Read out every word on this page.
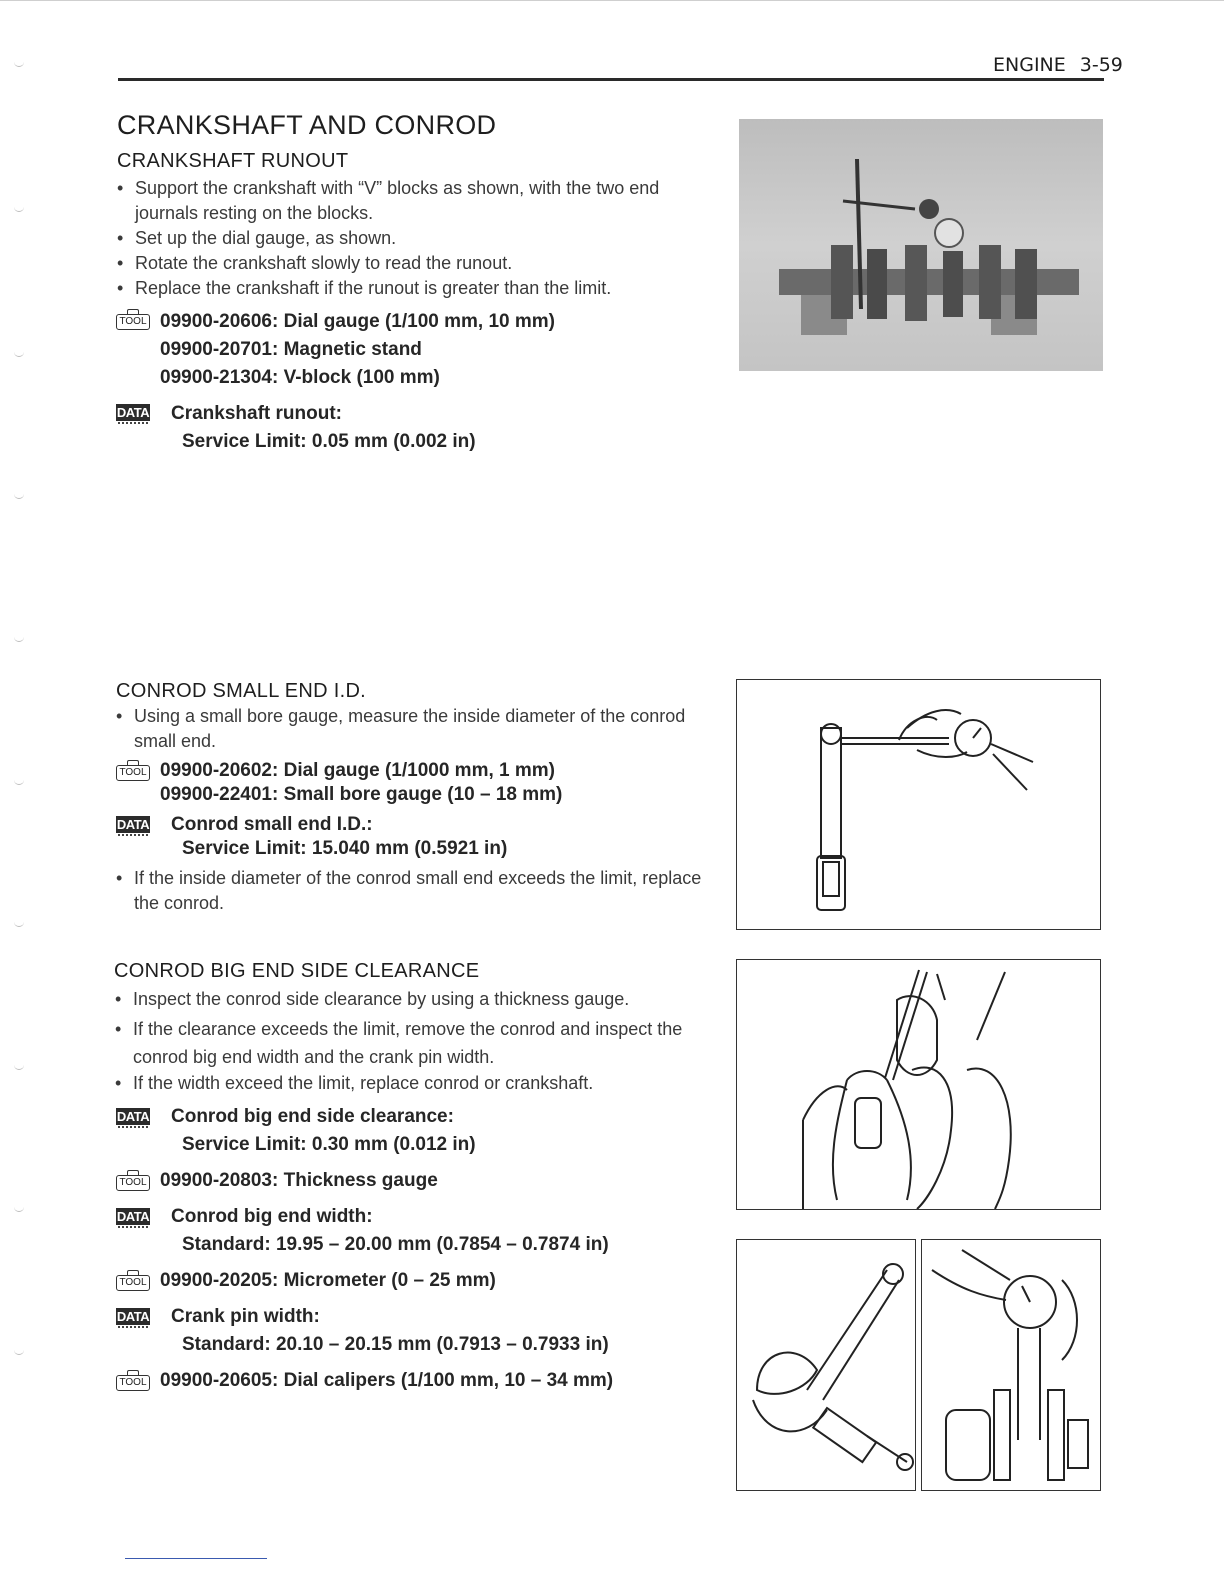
ENGINE 3-59
CRANKSHAFT AND CONROD
CRANKSHAFT RUNOUT
• Support the crankshaft with “V” blocks as shown, with the two end journals resting on the blocks.
• Set up the dial gauge, as shown.
• Rotate the crankshaft slowly to read the runout.
• Replace the crankshaft if the runout is greater than the limit.
TOOL 09900-20606: Dial gauge (1/100 mm, 10 mm)
09900-20701: Magnetic stand
09900-21304: V-block (100 mm)
DATA Crankshaft runout:
Service Limit: 0.05 mm (0.002 in)
CONROD SMALL END I.D.
• Using a small bore gauge, measure the inside diameter of the conrod small end.
TOOL 09900-20602: Dial gauge (1/1000 mm, 1 mm)
09900-22401: Small bore gauge (10 – 18 mm)
DATA Conrod small end I.D.:
Service Limit: 15.040 mm (0.5921 in)
• If the inside diameter of the conrod small end exceeds the limit, replace the conrod.
CONROD BIG END SIDE CLEARANCE
• Inspect the conrod side clearance by using a thickness gauge.
• If the clearance exceeds the limit, remove the conrod and inspect the conrod big end width and the crank pin width.
• If the width exceed the limit, replace conrod or crankshaft.
DATA Conrod big end side clearance:
Service Limit: 0.30 mm (0.012 in)
TOOL 09900-20803: Thickness gauge
DATA Conrod big end width:
Standard: 19.95 – 20.00 mm (0.7854 – 0.7874 in)
TOOL 09900-20205: Micrometer (0 – 25 mm)
DATA Crank pin width:
Standard: 20.10 – 20.15 mm (0.7913 – 0.7933 in)
TOOL 09900-20605: Dial calipers (1/100 mm, 10 – 34 mm)
